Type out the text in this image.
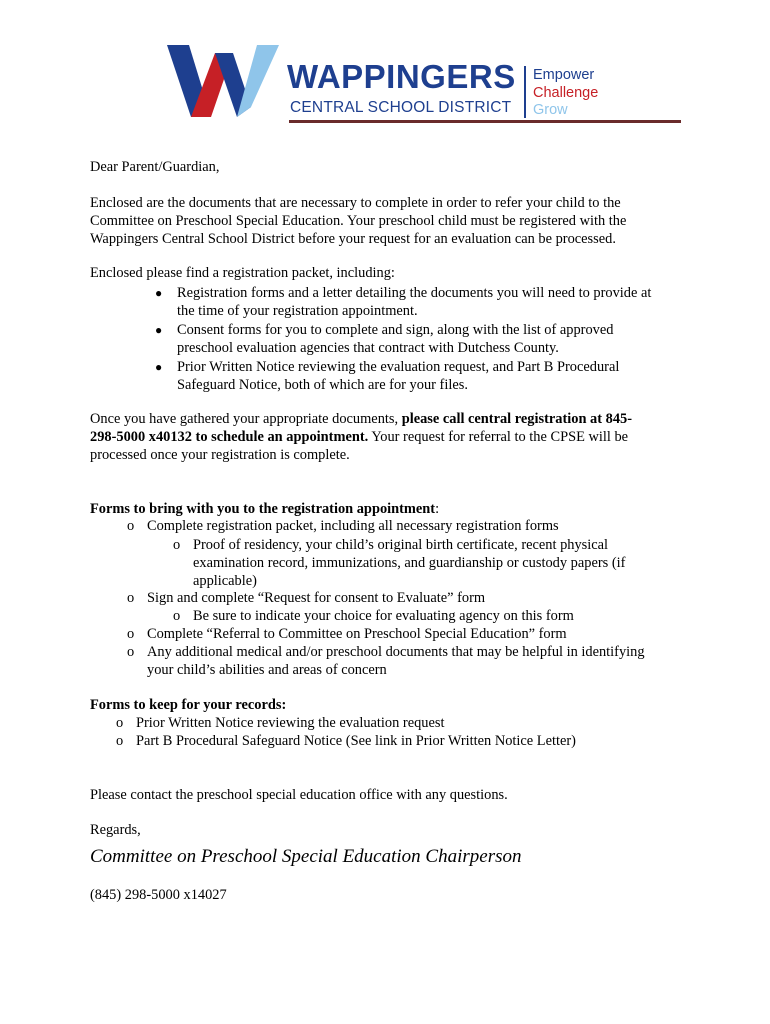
WAPPINGERS
CENTRAL SCHOOL DISTRICT
Empower
Challenge
Grow
Dear Parent/Guardian,

Enclosed are the documents that are necessary to complete in order to refer your child to the

Committee on Preschool Special Education. Your preschool child must be registered with the

Wappingers Central School District before your request for an evaluation can be processed.

Enclosed please find a registration packet, including:
● Registration forms and a letter detailing the documents you will need to provide at
the time of your registration appointment.
● Consent forms for you to complete and sign, along with the list of approved
preschool evaluation agencies that contract with Dutchess County.
● Prior Written Notice reviewing the evaluation request, and Part B Procedural
Safeguard Notice, both of which are for your files.

Once you have gathered your appropriate documents, please call central registration at 845-

298-5000 x40132 to schedule an appointment. Your request for referral to the CPSE will be

processed once your registration is complete.

Forms to bring with you to the registration appointment:
o Complete registration packet, including all necessary registration forms
o Proof of residency, your child’s original birth certificate, recent physical
examination record, immunizations, and guardianship or custody papers (if
applicable)
o Sign and complete “Request for consent to Evaluate” form
o Be sure to indicate your choice for evaluating agency on this form
o Complete “Referral to Committee on Preschool Special Education” form
o Any additional medical and/or preschool documents that may be helpful in identifying
your child’s abilities and areas of concern
Forms to keep for your records:
o Prior Written Notice reviewing the evaluation request
o Part B Procedural Safeguard Notice (See link in Prior Written Notice Letter)
Please contact the preschool special education office with any questions.
Regards,
Committee on Preschool Special Education Chairperson
(845) 298-5000 x14027
